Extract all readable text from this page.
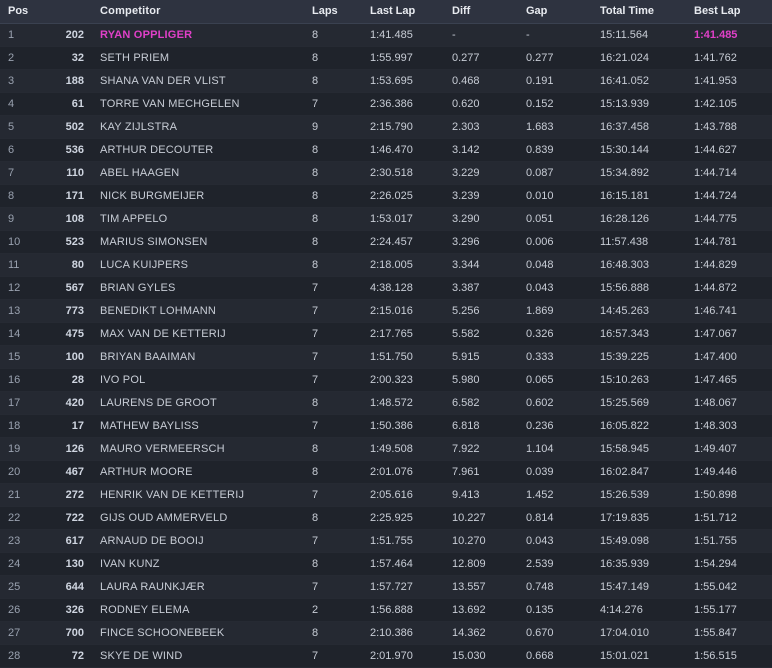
Pos		Competitor	Laps	Last Lap	Diff	Gap	Total Time	Best Lap
1	202	RYAN OPPLIGER	8	1:41.485	-	-	15:11.564	1:41.485
2	32	SETH PRIEM	8	1:55.997	0.277	0.277	16:21.024	1:41.762
3	188	SHANA VAN DER VLIST	8	1:53.695	0.468	0.191	16:41.052	1:41.953
4	61	TORRE VAN MECHGELEN	7	2:36.386	0.620	0.152	15:13.939	1:42.105
5	502	KAY ZIJLSTRA	9	2:15.790	2.303	1.683	16:37.458	1:43.788
6	536	ARTHUR DECOUTER	8	1:46.470	3.142	0.839	15:30.144	1:44.627
7	110	ABEL HAAGEN	8	2:30.518	3.229	0.087	15:34.892	1:44.714
8	171	NICK BURGMEIJER	8	2:26.025	3.239	0.010	16:15.181	1:44.724
9	108	TIM APPELO	8	1:53.017	3.290	0.051	16:28.126	1:44.775
10	523	MARIUS SIMONSEN	8	2:24.457	3.296	0.006	11:57.438	1:44.781
11	80	LUCA KUIJPERS	8	2:18.005	3.344	0.048	16:48.303	1:44.829
12	567	BRIAN GYLES	7	4:38.128	3.387	0.043	15:56.888	1:44.872
13	773	BENEDIKT LOHMANN	7	2:15.016	5.256	1.869	14:45.263	1:46.741
14	475	MAX VAN DE KETTERIJ	7	2:17.765	5.582	0.326	16:57.343	1:47.067
15	100	BRIYAN BAAIMAN	7	1:51.750	5.915	0.333	15:39.225	1:47.400
16	28	IVO POL	7	2:00.323	5.980	0.065	15:10.263	1:47.465
17	420	LAURENS DE GROOT	8	1:48.572	6.582	0.602	15:25.569	1:48.067
18	17	MATHEW BAYLISS	7	1:50.386	6.818	0.236	16:05.822	1:48.303
19	126	MAURO VERMEERSCH	8	1:49.508	7.922	1.104	15:58.945	1:49.407
20	467	ARTHUR MOORE	8	2:01.076	7.961	0.039	16:02.847	1:49.446
21	272	HENRIK VAN DE KETTERIJ	7	2:05.616	9.413	1.452	15:26.539	1:50.898
22	722	GIJS OUD AMMERVELD	8	2:25.925	10.227	0.814	17:19.835	1:51.712
23	617	ARNAUD DE BOOIJ	7	1:51.755	10.270	0.043	15:49.098	1:51.755
24	130	IVAN KUNZ	8	1:57.464	12.809	2.539	16:35.939	1:54.294
25	644	LAURA RAUNKJÆR	7	1:57.727	13.557	0.748	15:47.149	1:55.042
26	326	RODNEY ELEMA	2	1:56.888	13.692	0.135	4:14.276	1:55.177
27	700	FINCE SCHOONEBEEK	8	2:10.386	14.362	0.670	17:04.010	1:55.847
28	72	SKYE DE WIND	7	2:01.970	15.030	0.668	15:01.021	1:56.515
